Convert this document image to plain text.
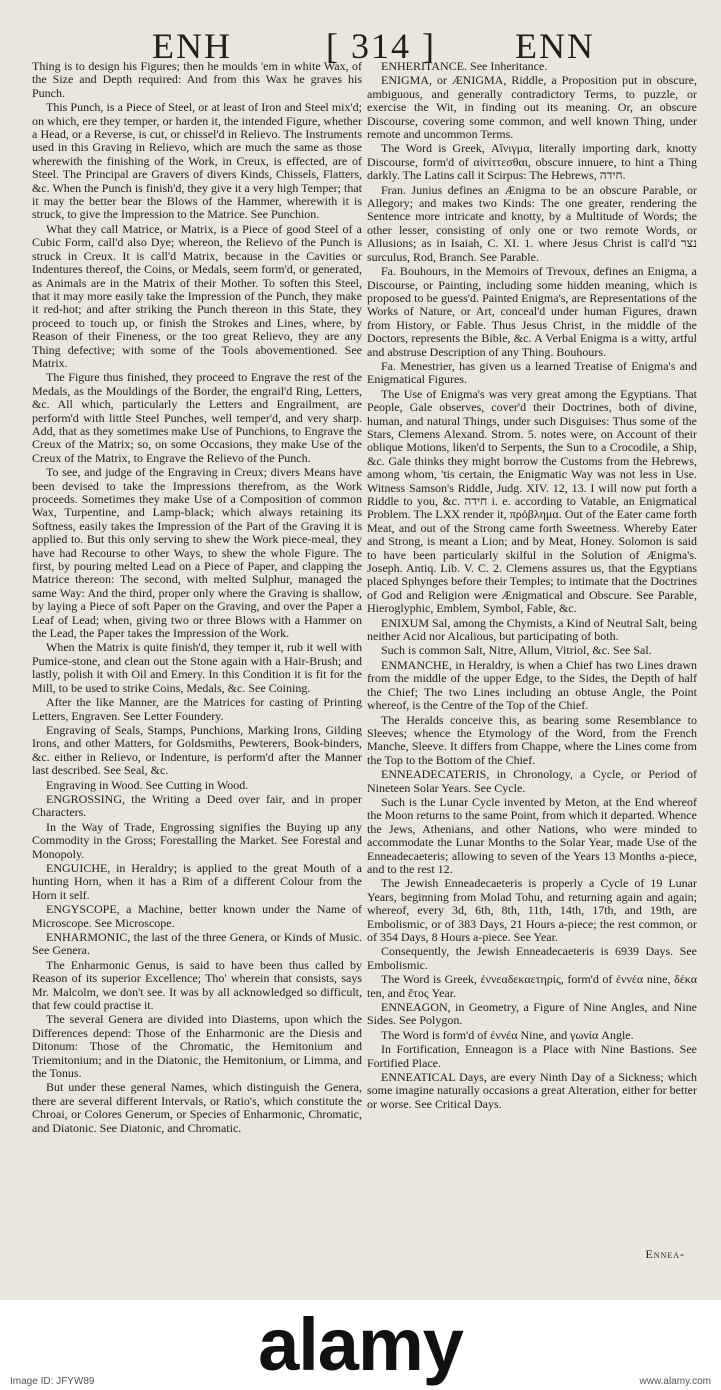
ENH	[ 314 ] ENN

Thing is to design his Figures; then he moulds 'em in white Wax, of the Size and Depth required: And from this Wax he graves his Punch.

This Punch, is a Piece of Steel, or at least of Iron and Steel mix'd; on which, ere they temper, or harden it, the intended Figure, whether a Head, or a Reverse, is cut, or chissel'd in Relievo. The Instruments used in this Graving in Relievo, which are much the same as those wherewith the finishing of the Work, in Creux, is effected, are of Steel. The Principal are Gravers of divers Kinds, Chissels, Flatters, &c. When the Punch is finish'd, they give it a very high Temper; that it may the better bear the Blows of the Hammer, wherewith it is struck, to give the Impression to the Matrice. See Punchion.

What they call Matrice, or Matrix, is a Piece of good Steel of a Cubic Form, call'd also Dye; whereon, the Relievo of the Punch is struck in Creux. It is call'd Matrix, because in the Cavities or Indentures thereof, the Coins, or Medals, seem form'd, or generated, as Animals are in the Matrix of their Mother. To soften this Steel, that it may more easily take the Impression of the Punch, they make it red-hot; and after striking the Punch thereon in this State, they proceed to touch up, or finish the Strokes and Lines, where, by Reason of their Fineness, or the too great Relievo, they are any Thing defective; with some of the Tools abovementioned. See Matrix.

The Figure thus finished, they proceed to Engrave the rest of the Medals, as the Mouldings of the Border, the engrail'd Ring, Letters, &c. All which, particularly the Letters and Engrailment, are perform'd with little Steel Punches, well temper'd, and very sharp. Add, that as they sometimes make Use of Punchions, to Engrave the Creux of the Matrix; so, on some Occasions, they make Use of the Creux of the Matrix, to Engrave the Relievo of the Punch.

To see, and judge of the Engraving in Creux; divers Means have been devised to take the Impressions therefrom, as the Work proceeds. Sometimes they make Use of a Composition of common Wax, Turpentine, and Lamp-black; which always retaining its Softness, easily takes the Impression of the Part of the Graving it is applied to. But this only serving to shew the Work piece-meal, they have had Recourse to other Ways, to shew the whole Figure. The first, by pouring melted Lead on a Piece of Paper, and clapping the Matrice thereon: The second, with melted Sulphur, managed the same Way: And the third, proper only where the Graving is shallow, by laying a Piece of soft Paper on the Graving, and over the Paper a Leaf of Lead; when, giving two or three Blows with a Hammer on the Lead, the Paper takes the Impression of the Work.

When the Matrix is quite finish'd, they temper it, rub it well with Pumice-stone, and clean out the Stone again with a Hair-Brush; and lastly, polish it with Oil and Emery. In this Condition it is fit for the Mill, to be used to strike Coins, Medals, &c. See Coining.

After the like Manner, are the Matrices for casting of Printing Letters, Engraven. See Letter Foundery.

Engraving of Seals, Stamps, Punchions, Marking Irons, Gilding Irons, and other Matters, for Goldsmiths, Pewterers, Book-binders, &c. either in Relievo, or Indenture, is perform'd after the Manner last described. See Seal, &c.

Engraving in Wood. See Cutting in Wood.

ENGROSSING, the Writing a Deed over fair, and in proper Characters.

In the Way of Trade, Engrossing signifies the Buying up any Commodity in the Gross; Forestalling the Market. See Forestal and Monopoly.

ENGUICHE, in Heraldry; is applied to the great Mouth of a hunting Horn, when it has a Rim of a different Colour from the Horn it self.

ENGYSCOPE, a Machine, better known under the Name of Microscope. See Microscope.

ENHARMONIC, the last of the three Genera, or Kinds of Music. See Genera.

The Enharmonic Genus, is said to have been thus called by Reason of its superior Excellence; Tho' wherein that consists, says Mr. Malcolm, we don't see. It was by all acknowledged so difficult, that few could practise it.

The several Genera are divided into Diastems, upon which the Differences depend: Those of the Enharmonic are the Diesis and Ditonum: Those of the Chromatic, the Hemitonium and Triemitonium; and in the Diatonic, the Hemitonium, or Limma, and the Tonus.

But under these general Names, which distinguish the Genera, there are several different Intervals, or Ratio's, which constitute the Chroai, or Colores Generum, or Species of Enharmonic, Chromatic, and Diatonic. See Diatonic, and Chromatic.

ENHERITANCE. See Inheritance.

ENIGMA, or ÆNIGMA, Riddle, a Proposition put in obscure, ambiguous, and generally contradictory Terms, to puzzle, or exercise the Wit, in finding out its meaning. Or, an obscure Discourse, covering some common, and well known Thing, under remote and uncommon Terms.

The Word is Greek, Αἴνιγμα, literally importing dark, knotty Discourse, form'd of αἰνίττεσθαι, obscure innuere, to hint a Thing darkly. The Latins call it Scirpus: The Hebrews, חידה.

Fran. Junius defines an Ænigma to be an obscure Parable, or Allegory; and makes two Kinds: The one greater, rendering the Sentence more intricate and knotty, by a Multitude of Words; the other lesser, consisting of only one or two remote Words, or Allusions; as in Isaiah, C. XI. 1. where Jesus Christ is call'd נצר surculus, Rod, Branch. See Parable.

Fa. Bouhours, in the Memoirs of Trevoux, defines an Enigma, a Discourse, or Painting, including some hidden meaning, which is proposed to be guess'd. Painted Enigma's, are Representations of the Works of Nature, or Art, conceal'd under human Figures, drawn from History, or Fable. Thus Jesus Christ, in the middle of the Doctors, represents the Bible, &c. A Verbal Enigma is a witty, artful and abstruse Description of any Thing. Bouhours.

Fa. Menestrier, has given us a learned Treatise of Enigma's and Enigmatical Figures.

The Use of Enigma's was very great among the Egyptians. That People, Gale observes, cover'd their Doctrines, both of divine, human, and natural Things, under such Disguises: Thus some of the Stars, Clemens Alexand. Strom. 5. notes were, on Account of their oblique Motions, liken'd to Serpents, the Sun to a Crocodile, a Ship, &c. Gale thinks they might borrow the Customs from the Hebrews, among whom, 'tis certain, the Enigmatic Way was not less in Use. Witness Samson's Riddle, Judg. XIV. 12, 13. I will now put forth a Riddle to you, &c. חידה i. e. according to Vatable, an Enigmatical Problem. The LXX render it, πρόβλημα. Out of the Eater came forth Meat, and out of the Strong came forth Sweetness. Whereby Eater and Strong, is meant a Lion; and by Meat, Honey. Solomon is said to have been particularly skilful in the Solution of Ænigma's. Joseph. Antiq. Lib. V. C. 2. Clemens assures us, that the Egyptians placed Sphynges before their Temples; to intimate that the Doctrines of God and Religion were Ænigmatical and Obscure. See Parable, Hieroglyphic, Emblem, Symbol, Fable, &c.

ENIXUM Sal, among the Chymists, a Kind of Neutral Salt, being neither Acid nor Alcalious, but participating of both.

Such is common Salt, Nitre, Allum, Vitriol, &c. See Sal.

ENMANCHE, in Heraldry, is when a Chief has two Lines drawn from the middle of the upper Edge, to the Sides, the Depth of half the Chief; The two Lines including an obtuse Angle, the Point whereof, is the Centre of the Top of the Chief.

The Heralds conceive this, as bearing some Resemblance to Sleeves; whence the Etymology of the Word, from the French Manche, Sleeve. It differs from Chappe, where the Lines come from the Top to the Bottom of the Chief.

ENNEADECATERIS, in Chronology, a Cycle, or Period of Nineteen Solar Years. See Cycle.

Such is the Lunar Cycle invented by Meton, at the End whereof the Moon returns to the same Point, from which it departed. Whence the Jews, Athenians, and other Nations, who were minded to accommodate the Lunar Months to the Solar Year, made Use of the Enneadecaeteris; allowing to seven of the Years 13 Months a-piece, and to the rest 12.

The Jewish Enneadecaeteris is properly a Cycle of 19 Lunar Years, beginning from Molad Tohu, and returning again and again; whereof, every 3d, 6th, 8th, 11th, 14th, 17th, and 19th, are Embolismic, or of 383 Days, 21 Hours a-piece; the rest common, or of 354 Days, 8 Hours a-piece. See Year.

Consequently, the Jewish Enneadecaeteris is 6939 Days. See Embolismic.

The Word is Greek, ἐννεαδεκαετηρίς, form'd of ἐννέα nine, δέκα ten, and ἔτος Year.

ENNEAGON, in Geometry, a Figure of Nine Angles, and Nine Sides. See Polygon.

The Word is form'd of ἐννέα Nine, and γωνία Angle.

In Fortification, Enneagon is a Place with Nine Bastions. See Fortified Place.

ENNEATICAL Days, are every Ninth Day of a Sickness; which some imagine naturally occasions a great Alteration, either for better or worse. See Critical Days.

Ennea-
alamy
Image ID: JFYW89	www.alamy.com
